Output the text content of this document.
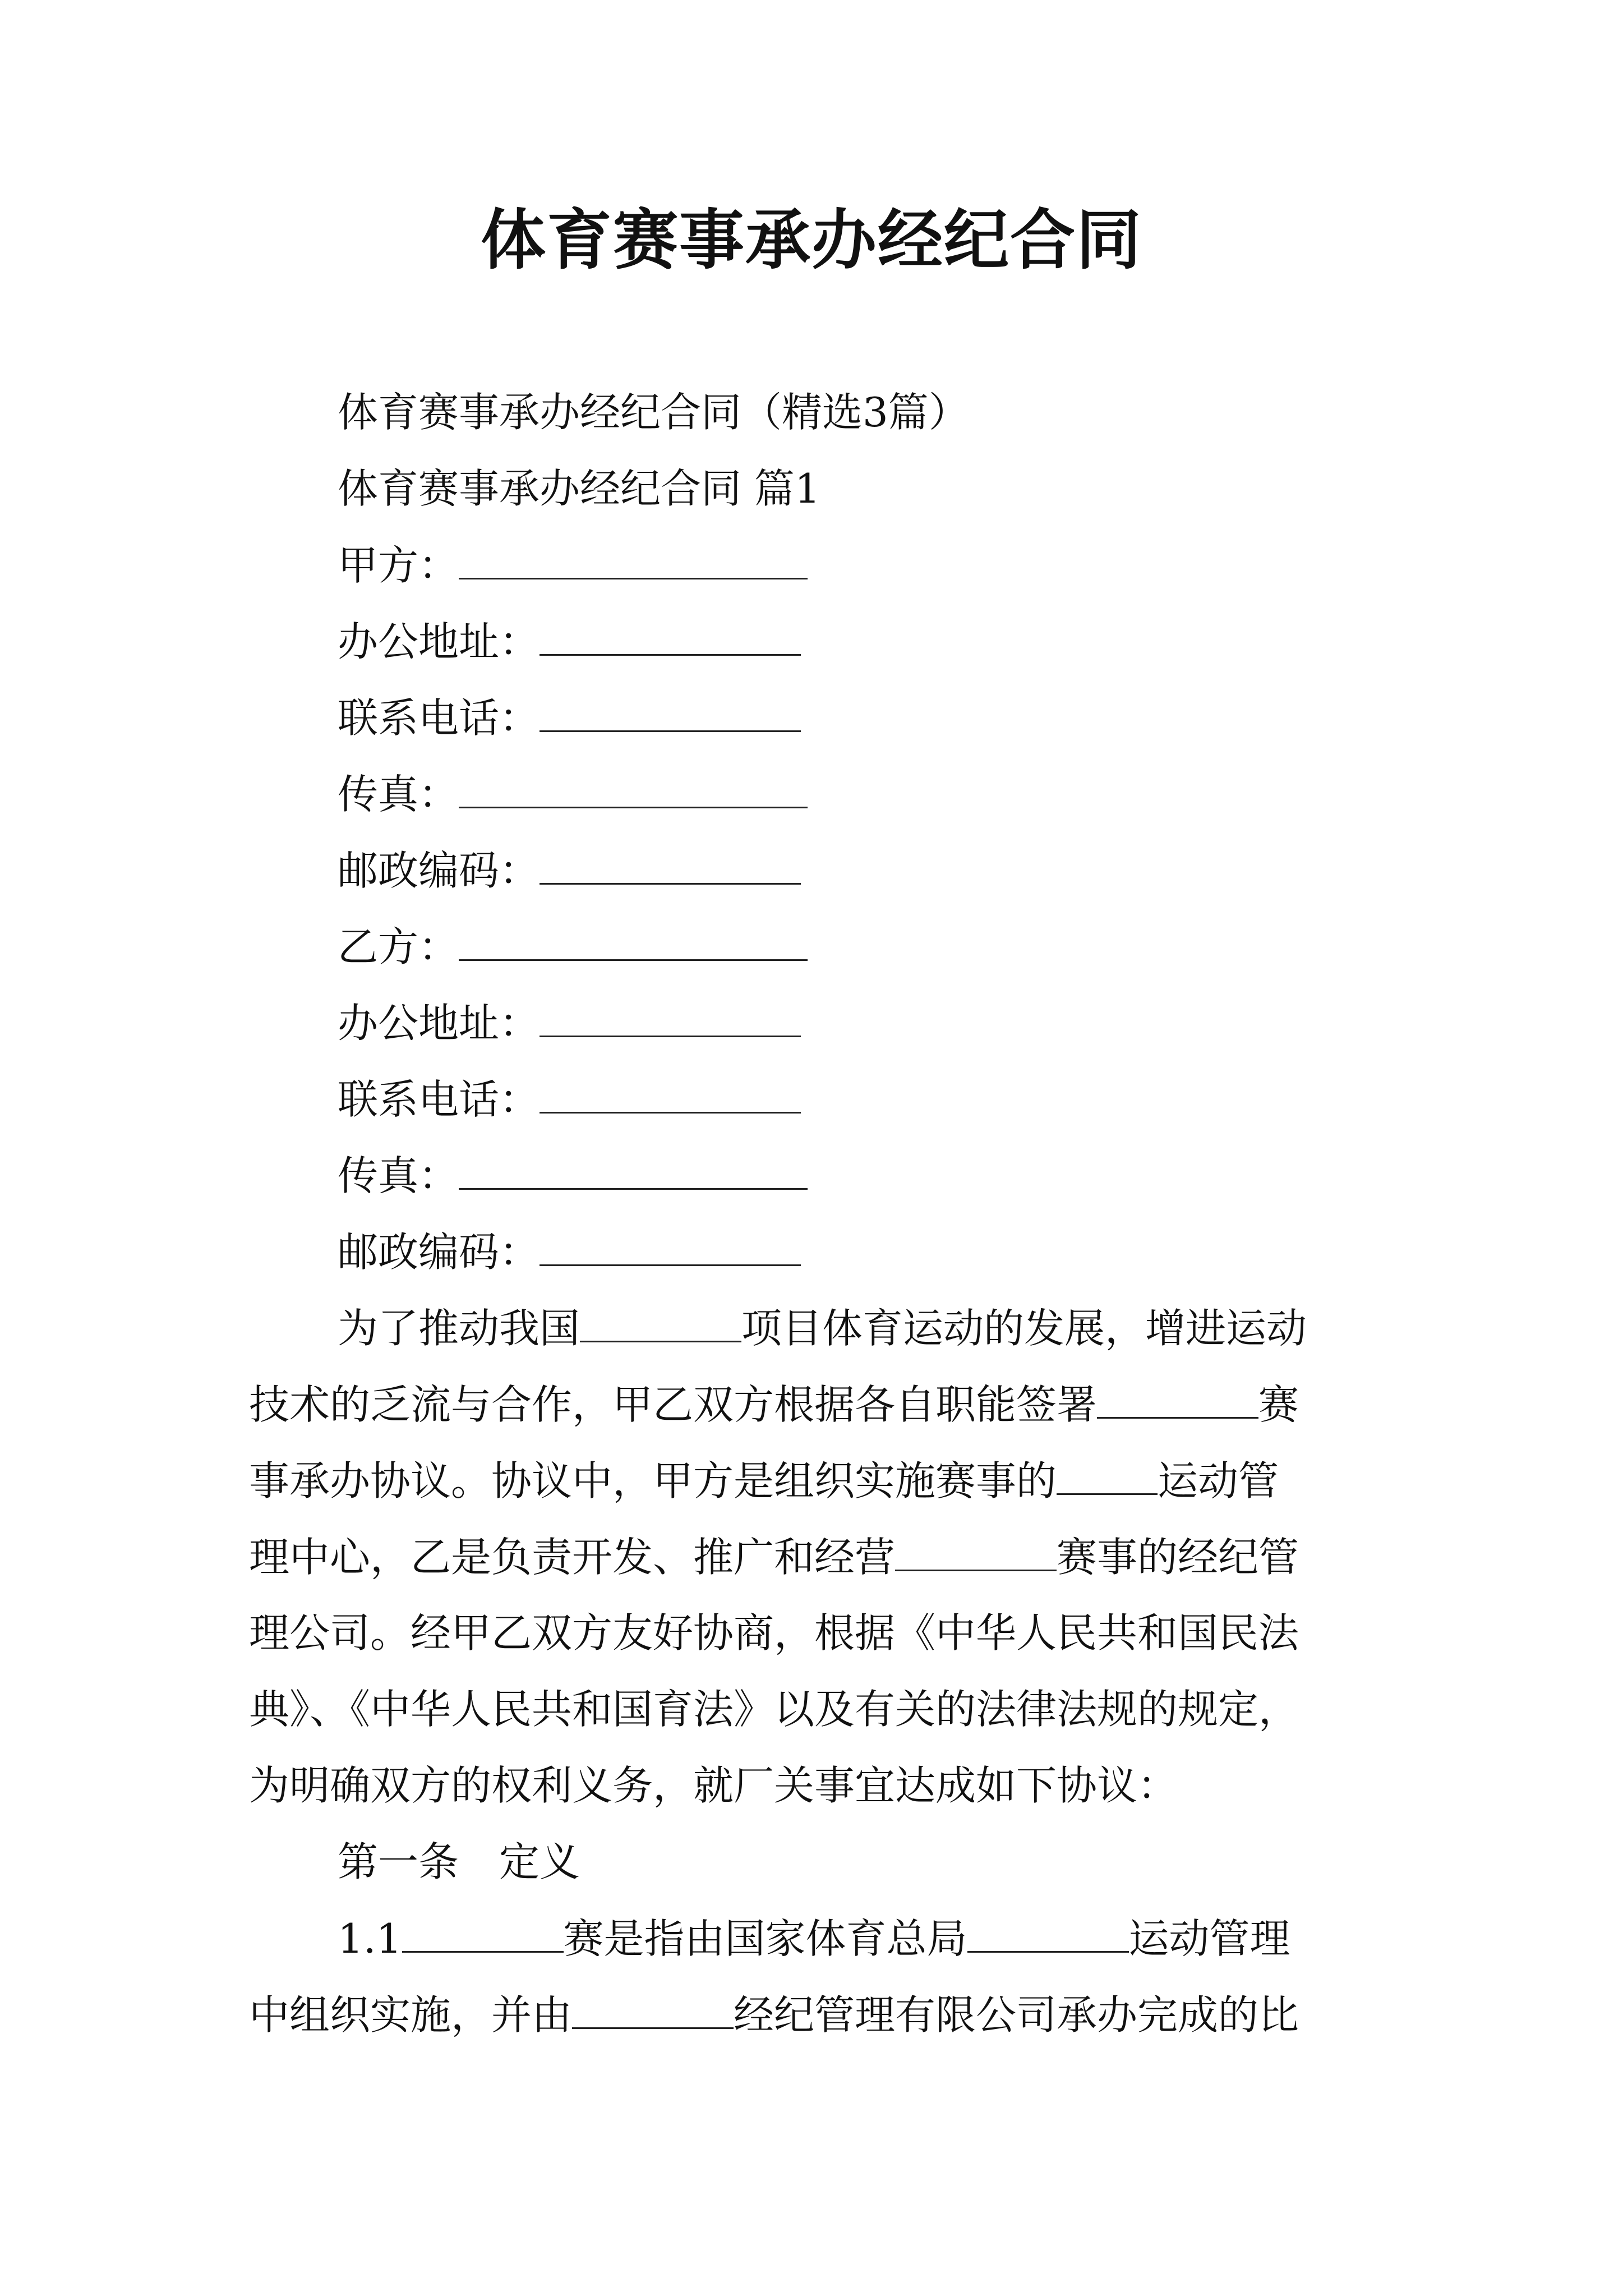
体育赛事承办经纪合同
体育赛事承办经纪合同（精选3篇）
体育赛事承办经纪合同 篇1
甲方：
办公地址：
联系电话：
传真：
邮政编码：
乙方：
办公地址：
联系电话：
传真：
邮政编码：
为了推动我国	项目体育运动的发展，增进运动
技术的乏流与合作，甲乙双方根据各自职能签署	赛
事承办协议。协议中，甲方是组织实施赛事的	运动管
理中心，乙是负责开发、推广和经营	赛事的经纪管
理公司。经甲乙双方友好协商，根据《中华人民共和国民法
典》、《中华人民共和国育法》以及有关的法律法规的规定，
为明确双方的权利义务，就厂关事宜达成如下协议：
第一条　定义
1.1	赛是指由国家体育总局	运动管理
中组织实施，并由	经纪管理有限公司承办完成的比
